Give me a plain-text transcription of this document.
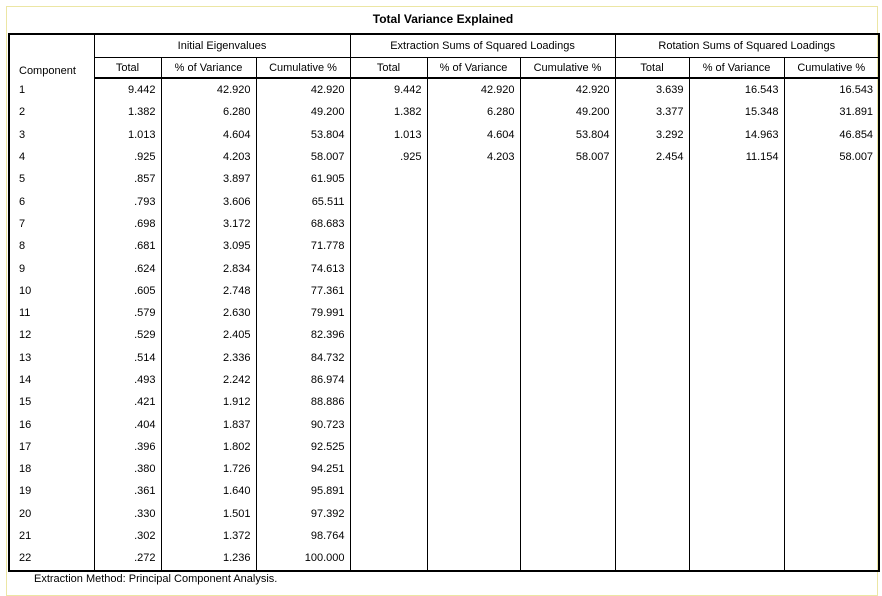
Total Variance Explained
Component	Initial Eigenvalues			Extraction Sums of Squared Loadings			Rotation Sums of Squared Loadings		
	Total	% of Variance	Cumulative %	Total	% of Variance	Cumulative %	Total	% of Variance	Cumulative %
1	9.442	42.920	42.920	9.442	42.920	42.920	3.639	16.543	16.543
2	1.382	6.280	49.200	1.382	6.280	49.200	3.377	15.348	31.891
3	1.013	4.604	53.804	1.013	4.604	53.804	3.292	14.963	46.854
4	.925	4.203	58.007	.925	4.203	58.007	2.454	11.154	58.007
5	.857	3.897	61.905						
6	.793	3.606	65.511						
7	.698	3.172	68.683						
8	.681	3.095	71.778						
9	.624	2.834	74.613						
10	.605	2.748	77.361						
11	.579	2.630	79.991						
12	.529	2.405	82.396						
13	.514	2.336	84.732						
14	.493	2.242	86.974						
15	.421	1.912	88.886						
16	.404	1.837	90.723						
17	.396	1.802	92.525						
18	.380	1.726	94.251						
19	.361	1.640	95.891						
20	.330	1.501	97.392						
21	.302	1.372	98.764						
22	.272	1.236	100.000						
Extraction Method: Principal Component Analysis.
